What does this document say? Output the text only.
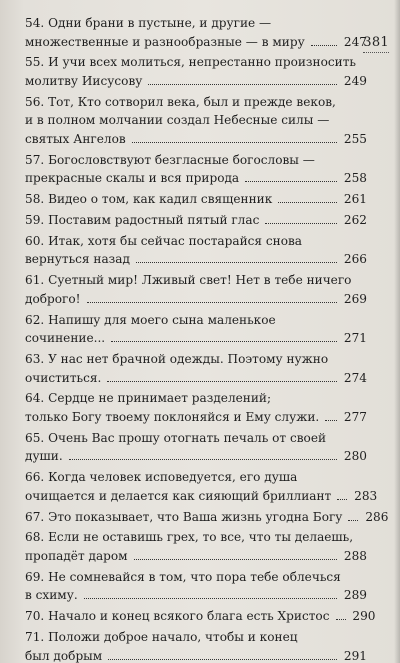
381
54. Одни брани в пустыне, и другие —
множественные и разнообразные — в миру	247
55. И учи всех молиться, непрестанно произносить
молитву Иисусову	249
56. Тот, Кто сотворил века, был и прежде веков,
и в полном молчании создал Небесные силы —
святых Ангелов	255
57. Богословствуют безгласные богословы —
прекрасные скалы и вся природа	258
58. Видео о том, как кадил священник	261
59. Поставим радостный пятый глас	262
60. Итак, хотя бы сейчас постарайся снова
вернуться назад	266
61. Суетный мир! Лживый свет! Нет в тебе ничего
доброго!	269
62. Напишу для моего сына маленькое
сочинение...	271
63. У нас нет брачной одежды. Поэтому нужно
очиститься.	274
64. Сердце не принимает разделений;
только Богу твоему поклоняйся и Ему служи. 277
65. Очень Вас прошу отогнать печаль от своей
души.	280
66. Когда человек исповедуется, его душа
очищается и делается как сияющий бриллиант 283
67. Это показывает, что Ваша жизнь угодна Богу 286
68. Если не оставишь грех, то все, что ты делаешь,
пропадёт даром	288
69. Не сомневайся в том, что пора тебе облечься
в схиму.	289
70. Начало и конец всякого блага есть Христос 290
71. Положи доброе начало, чтобы и конец
был добрым	291
